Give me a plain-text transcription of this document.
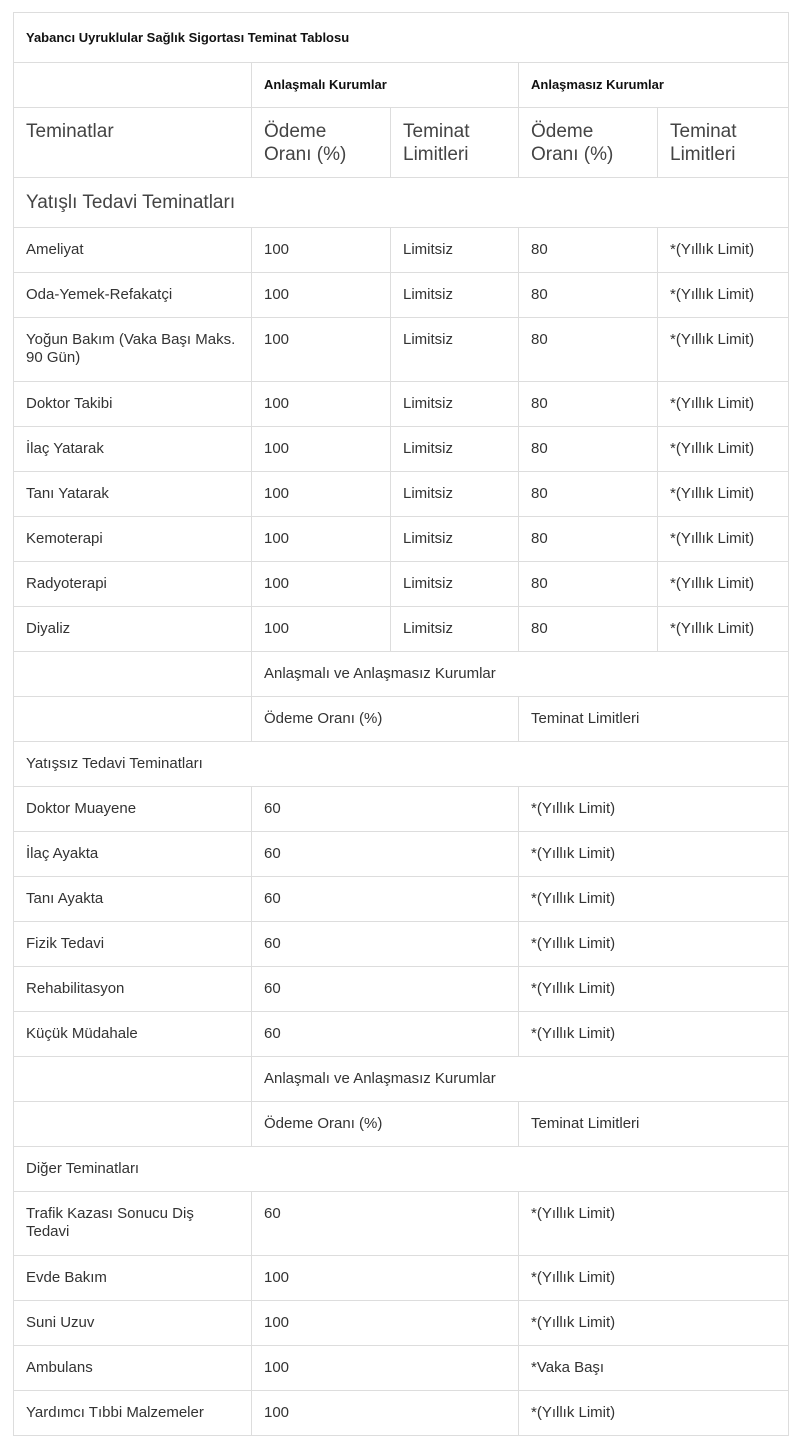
Yabancı Uyruklular Sağlık Sigortası Teminat Tablosu				
	Anlaşmalı Kurumlar		Anlaşmasız Kurumlar	
Teminatlar	Ödeme Oranı (%)	Teminat Limitleri	Ödeme Oranı (%)	Teminat Limitleri
Yatışlı Tedavi Teminatları				
Ameliyat	100	Limitsiz	80	*(Yıllık Limit)
Oda-Yemek-Refakatçi	100	Limitsiz	80	*(Yıllık Limit)
Yoğun Bakım (Vaka Başı Maks. 90 Gün)	100	Limitsiz	80	*(Yıllık Limit)
Doktor Takibi	100	Limitsiz	80	*(Yıllık Limit)
İlaç Yatarak	100	Limitsiz	80	*(Yıllık Limit)
Tanı Yatarak	100	Limitsiz	80	*(Yıllık Limit)
Kemoterapi	100	Limitsiz	80	*(Yıllık Limit)
Radyoterapi	100	Limitsiz	80	*(Yıllık Limit)
Diyaliz	100	Limitsiz	80	*(Yıllık Limit)
	Anlaşmalı ve Anlaşmasız Kurumlar			
	Ödeme Oranı (%)		Teminat Limitleri	
Yatışsız Tedavi Teminatları				
Doktor Muayene	60		*(Yıllık Limit)	
İlaç Ayakta	60		*(Yıllık Limit)	
Tanı Ayakta	60		*(Yıllık Limit)	
Fizik Tedavi	60		*(Yıllık Limit)	
Rehabilitasyon	60		*(Yıllık Limit)	
Küçük Müdahale	60		*(Yıllık Limit)	
	Anlaşmalı ve Anlaşmasız Kurumlar			
	Ödeme Oranı (%)		Teminat Limitleri	
Diğer Teminatları				
Trafik Kazası Sonucu Diş Tedavi	60		*(Yıllık Limit)	
Evde Bakım	100		*(Yıllık Limit)	
Suni Uzuv	100		*(Yıllık Limit)	
Ambulans	100		*Vaka Başı	
Yardımcı Tıbbi Malzemeler	100		*(Yıllık Limit)	
